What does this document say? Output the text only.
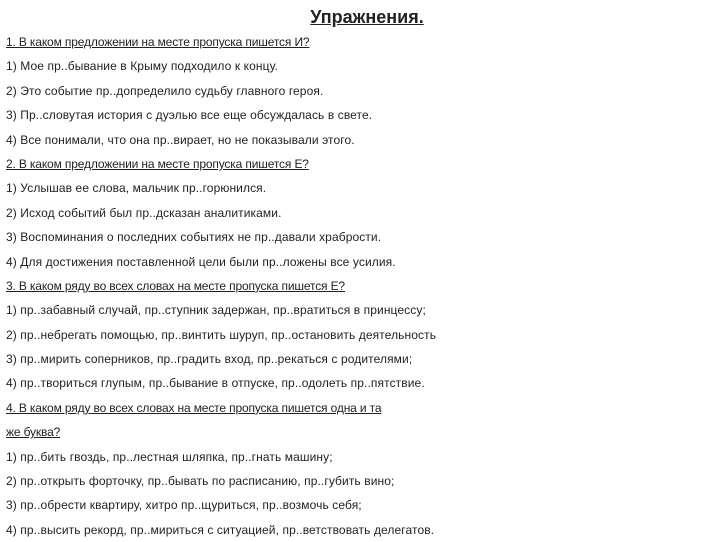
Упражнения.
1. В каком предложении на месте пропуска пишется И?
1) Мое пр..бывание в Крыму подходило к концу.
2) Это событие пр..допределило судьбу главного героя.
3) Пр..словутая история с дуэлью все еще обсуждалась в свете.
4) Все понимали, что она пр..вирает, но не показывали этого.
2. В каком предложении на месте пропуска пишется Е?
1) Услышав ее слова, мальчик пр..горюнился.
2) Исход событий был пр..дсказан аналитиками.
3) Воспоминания о последних событиях не пр..давали храбрости.
4) Для достижения поставленной цели были пр..ложены все усилия.
3. В каком ряду во всех словах на месте пропуска пишется Е?
1) пр..забавный случай, пр..ступник задержан, пр..вратиться в принцессу;
2) пр..небрегать помощью, пр..винтить шуруп, пр..остановить деятельность
3) пр..мирить соперников, пр..градить вход, пр..рекаться с родителями;
4) пр..твориться глупым, пр..бывание в отпуске, пр..одолеть пр..пятствие.
4. В каком ряду во всех словах на месте пропуска пишется одна и та
же буква?
1) пр..бить гвоздь, пр..лестная шляпка, пр..гнать машину;
2) пр..открыть форточку, пр..бывать по расписанию, пр..губить вино;
3) пр..обрести квартиру, хитро пр..щуриться, пр..возмочь себя;
4) пр..высить рекорд, пр..мириться с ситуацией, пр..ветствовать делегатов.
